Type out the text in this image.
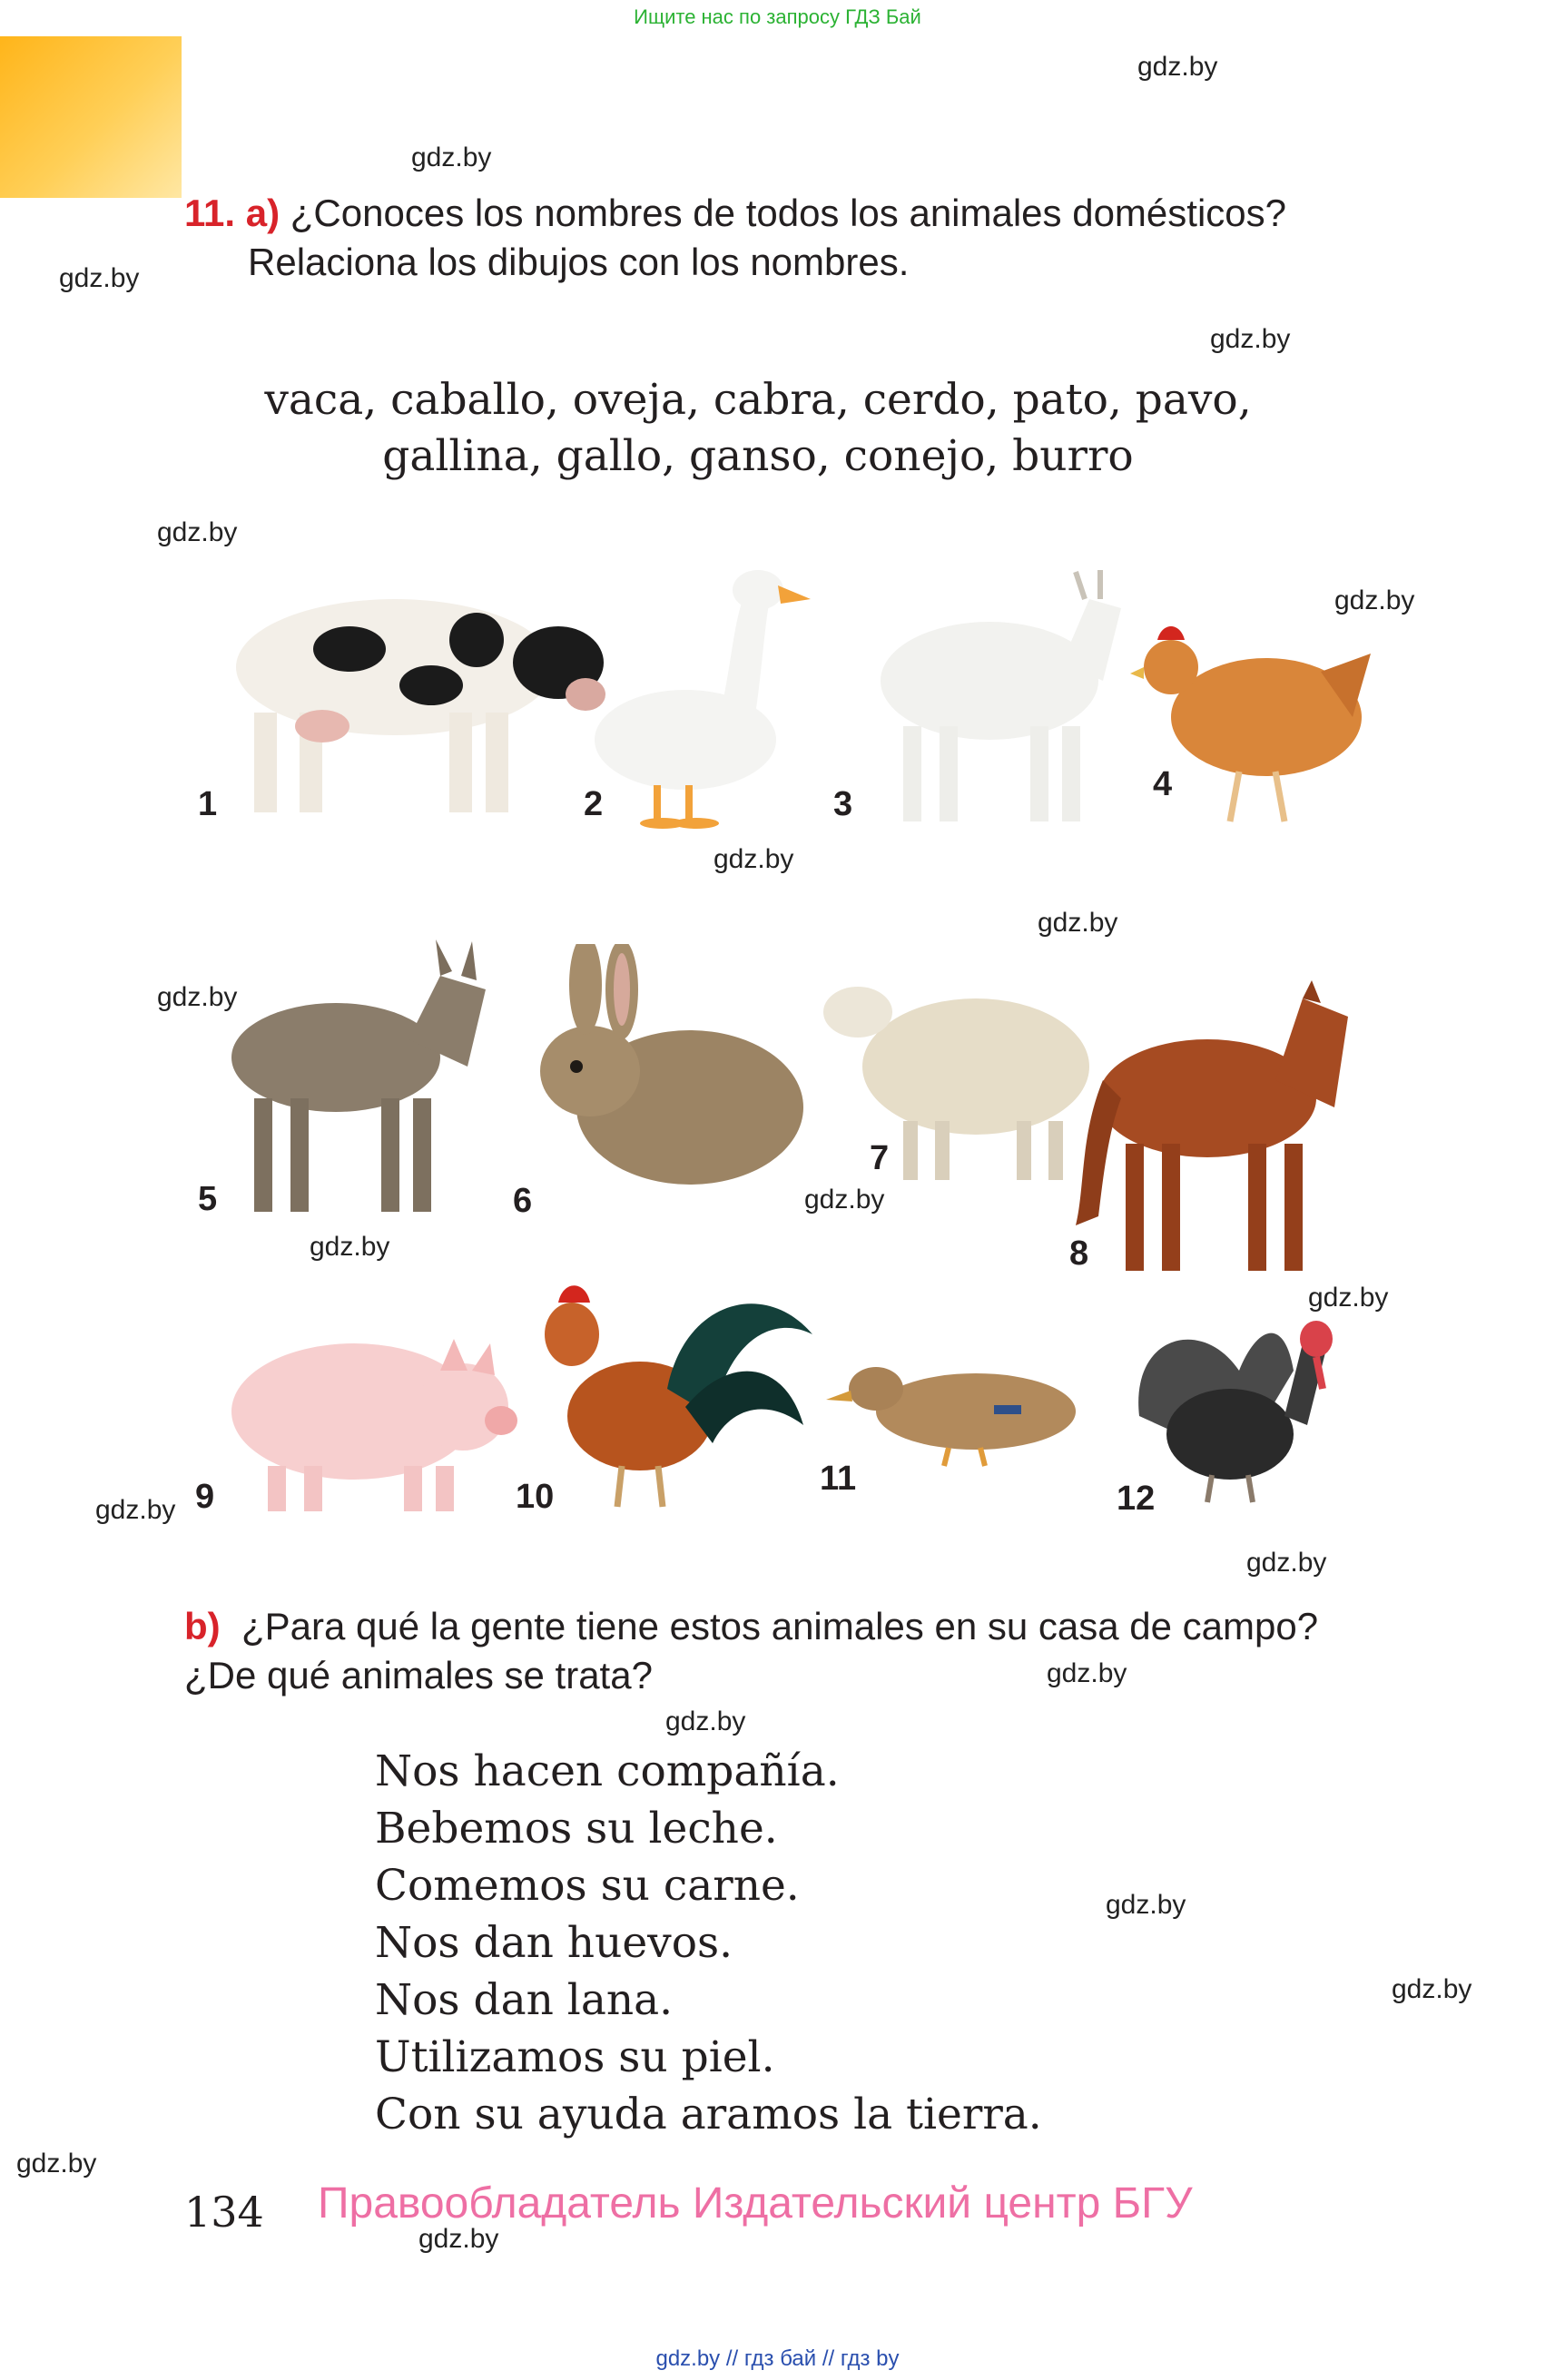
Ищите нас по запросу ГДЗ Бай
gdz.by
gdz.by
gdz.by
gdz.by
gdz.by
gdz.by
gdz.by
gdz.by
gdz.by
gdz.by
gdz.by
gdz.by
gdz.by
gdz.by
gdz.by
gdz.by
gdz.by
gdz.by
gdz.by
gdz.by
11. a) ¿Conoces los nombres de todos los animales domésticos?
Relaciona los dibujos con los nombres.
vaca, caballo, oveja, cabra, cerdo, pato, pavo,
gallina, gallo, ganso, conejo, burro
1	2	3
4
5	6
7
8
9	10	11
12
b) ¿Para qué la gente tiene estos animales en su casa de campo?
¿De qué animales se trata?
Nos hacen compañía.
Bebemos su leche.
Comemos su carne.
Nos dan huevos.
Nos dan lana.
Utilizamos su piel.
Con su ayuda aramos la tierra.
134 Правообладатель Издательский центр БГУ
gdz.by // гдз бай // гдз by
